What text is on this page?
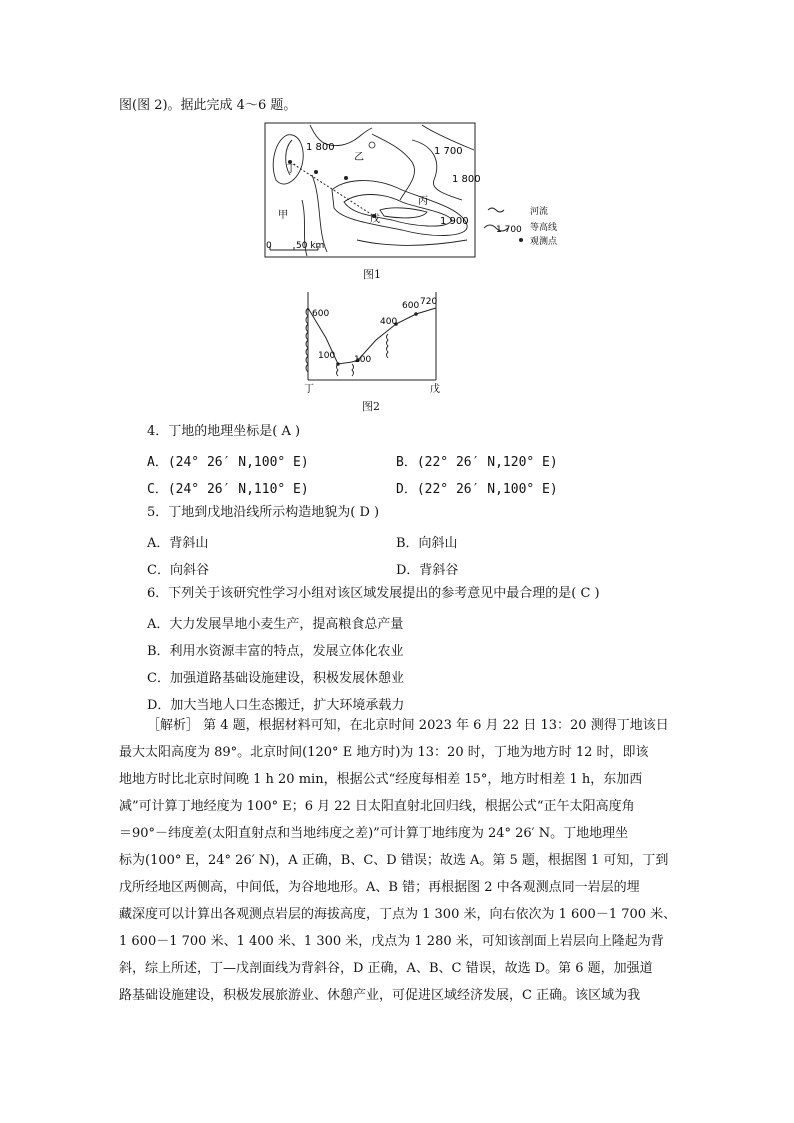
图(图 2)。据此完成 4～6 题。
1 800
丁
乙
1 700
1 800
甲
丙
戊	1 900
0	50 km
河流
1 700 等高线
观测点
图1
600
100 100
400
600 720
丁	戊
图2
4．丁地的地理坐标是( A )
A．(24° 26′ N,100° E)	B．(22° 26′ N,120° E)
C．(24° 26′ N,110° E)	D．(22° 26′ N,100° E)
5．丁地到戊地沿线所示构造地貌为( D )
A．背斜山	B．向斜山
C．向斜谷	D．背斜谷
6．下列关于该研究性学习小组对该区域发展提出的参考意见中最合理的是( C )
A．大力发展旱地小麦生产，提高粮食总产量
B．利用水资源丰富的特点，发展立体化农业
C．加强道路基础设施建设，积极发展休憩业
D．加大当地人口生态搬迁，扩大环境承载力
［解析］ 第 4 题，根据材料可知，在北京时间 2023 年 6 月 22 日 13：20 测得丁地该日
最大太阳高度为 89°。北京时间(120° E 地方时)为 13：20 时，丁地为地方时 12 时，即该
地地方时比北京时间晚 1 h 20 min，根据公式“经度每相差 15°，地方时相差 1 h，东加西
减”可计算丁地经度为 100° E；6 月 22 日太阳直射北回归线，根据公式“正午太阳高度角
＝90°－纬度差(太阳直射点和当地纬度之差)”可计算丁地纬度为 24° 26′ N。丁地地理坐
标为(100° E，24° 26′ N)，A 正确，B、C、D 错误；故选 A。第 5 题，根据图 1 可知，丁到
戊所经地区两侧高，中间低，为谷地地形。A、B 错；再根据图 2 中各观测点同一岩层的埋
藏深度可以计算出各观测点岩层的海拔高度，丁点为 1 300 米，向右依次为 1 600－1 700 米、
1 600－1 700 米、1 400 米、1 300 米，戊点为 1 280 米，可知该剖面上岩层向上隆起为背
斜，综上所述，丁—戊剖面线为背斜谷，D 正确，A、B、C 错误，故选 D。第 6 题，加强道
路基础设施建设，积极发展旅游业、休憩产业，可促进区域经济发展，C 正确。该区域为我
